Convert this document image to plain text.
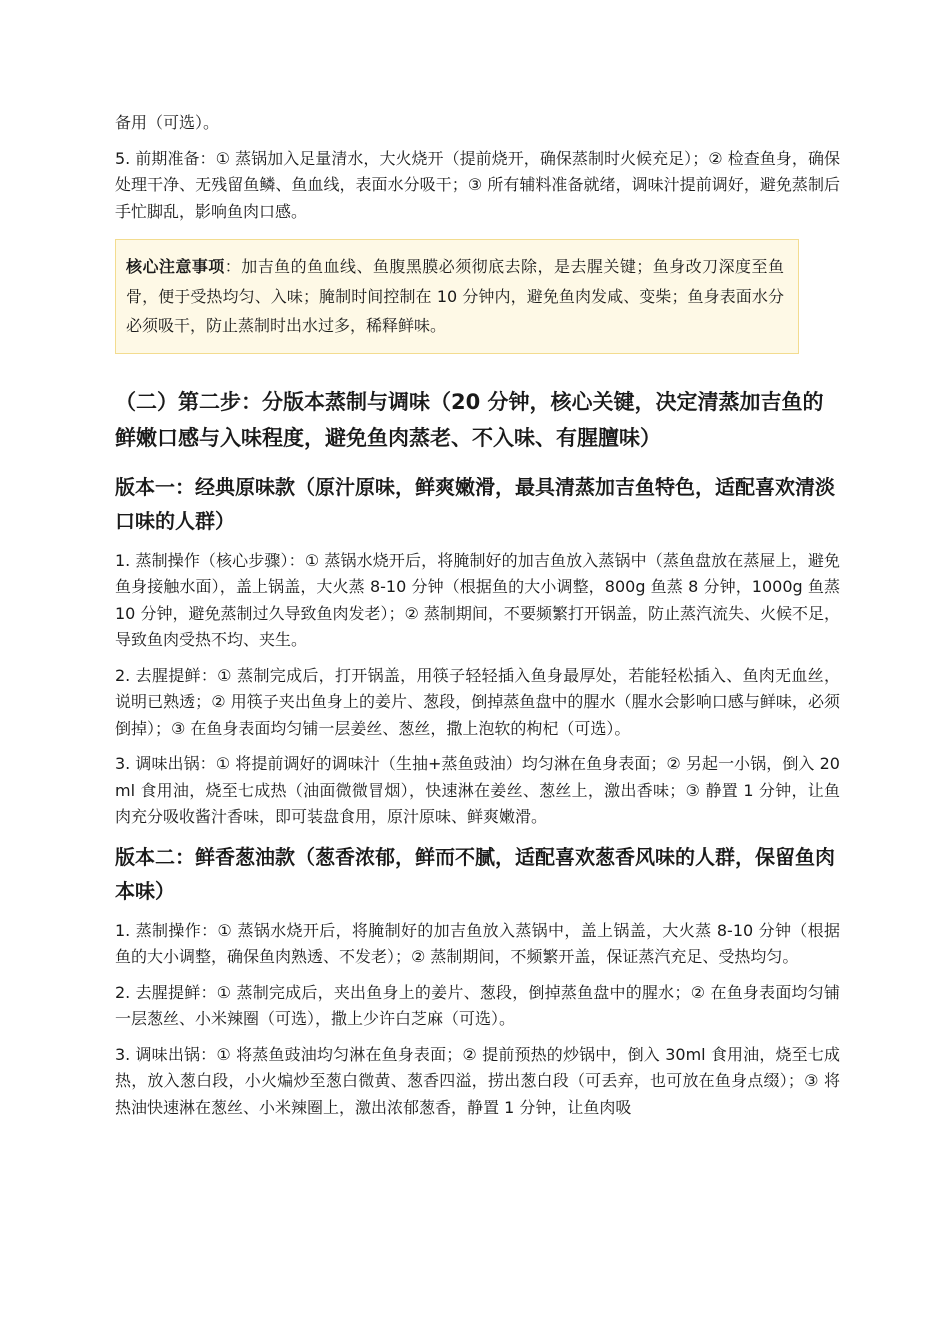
备用（可选）。

5. 前期准备：① 蒸锅加入足量清水，大火烧开（提前烧开，确保蒸制时火候充足）；② 检查鱼身，确保处理干净、无残留鱼鳞、鱼血线，表面水分吸干；③ 所有辅料准备就绪，调味汁提前调好，避免蒸制后手忙脚乱，影响鱼肉口感。

核心注意事项：加吉鱼的鱼血线、鱼腹黑膜必须彻底去除，是去腥关键；鱼身改刀深度至鱼骨，便于受热均匀、入味；腌制时间控制在 10 分钟内，避免鱼肉发咸、变柴；鱼身表面水分必须吸干，防止蒸制时出水过多，稀释鲜味。

（二）第二步：分版本蒸制与调味（20 分钟，核心关键，决定清蒸加吉鱼的鲜嫩口感与入味程度，避免鱼肉蒸老、不入味、有腥膻味）
版本一：经典原味款（原汁原味，鲜爽嫩滑，最具清蒸加吉鱼特色，适配喜欢清淡口味的人群）

1. 蒸制操作（核心步骤）：① 蒸锅水烧开后，将腌制好的加吉鱼放入蒸锅中（蒸鱼盘放在蒸屉上，避免鱼身接触水面），盖上锅盖，大火蒸 8-10 分钟（根据鱼的大小调整，800g 鱼蒸 8 分钟，1000g 鱼蒸 10 分钟，避免蒸制过久导致鱼肉发老）；② 蒸制期间，不要频繁打开锅盖，防止蒸汽流失、火候不足，导致鱼肉受热不均、夹生。

2. 去腥提鲜：① 蒸制完成后，打开锅盖，用筷子轻轻插入鱼身最厚处，若能轻松插入、鱼肉无血丝，说明已熟透；② 用筷子夹出鱼身上的姜片、葱段，倒掉蒸鱼盘中的腥水（腥水会影响口感与鲜味，必须倒掉）；③ 在鱼身表面均匀铺一层姜丝、葱丝，撒上泡软的枸杞（可选）。

3. 调味出锅：① 将提前调好的调味汁（生抽+蒸鱼豉油）均匀淋在鱼身表面；② 另起一小锅，倒入 20ml 食用油，烧至七成热（油面微微冒烟），快速淋在姜丝、葱丝上，激出香味；③ 静置 1 分钟，让鱼肉充分吸收酱汁香味，即可装盘食用，原汁原味、鲜爽嫩滑。

版本二：鲜香葱油款（葱香浓郁，鲜而不腻，适配喜欢葱香风味的人群，保留鱼肉本味）

1. 蒸制操作：① 蒸锅水烧开后，将腌制好的加吉鱼放入蒸锅中，盖上锅盖，大火蒸 8-10 分钟（根据鱼的大小调整，确保鱼肉熟透、不发老）；② 蒸制期间，不频繁开盖，保证蒸汽充足、受热均匀。

2. 去腥提鲜：① 蒸制完成后，夹出鱼身上的姜片、葱段，倒掉蒸鱼盘中的腥水；② 在鱼身表面均匀铺一层葱丝、小米辣圈（可选），撒上少许白芝麻（可选）。

3. 调味出锅：① 将蒸鱼豉油均匀淋在鱼身表面；② 提前预热的炒锅中，倒入 30ml 食用油，烧至七成热，放入葱白段，小火煸炒至葱白微黄、葱香四溢，捞出葱白段（可丢弃，也可放在鱼身点缀）；③ 将热油快速淋在葱丝、小米辣圈上，激出浓郁葱香，静置 1 分钟，让鱼肉吸
